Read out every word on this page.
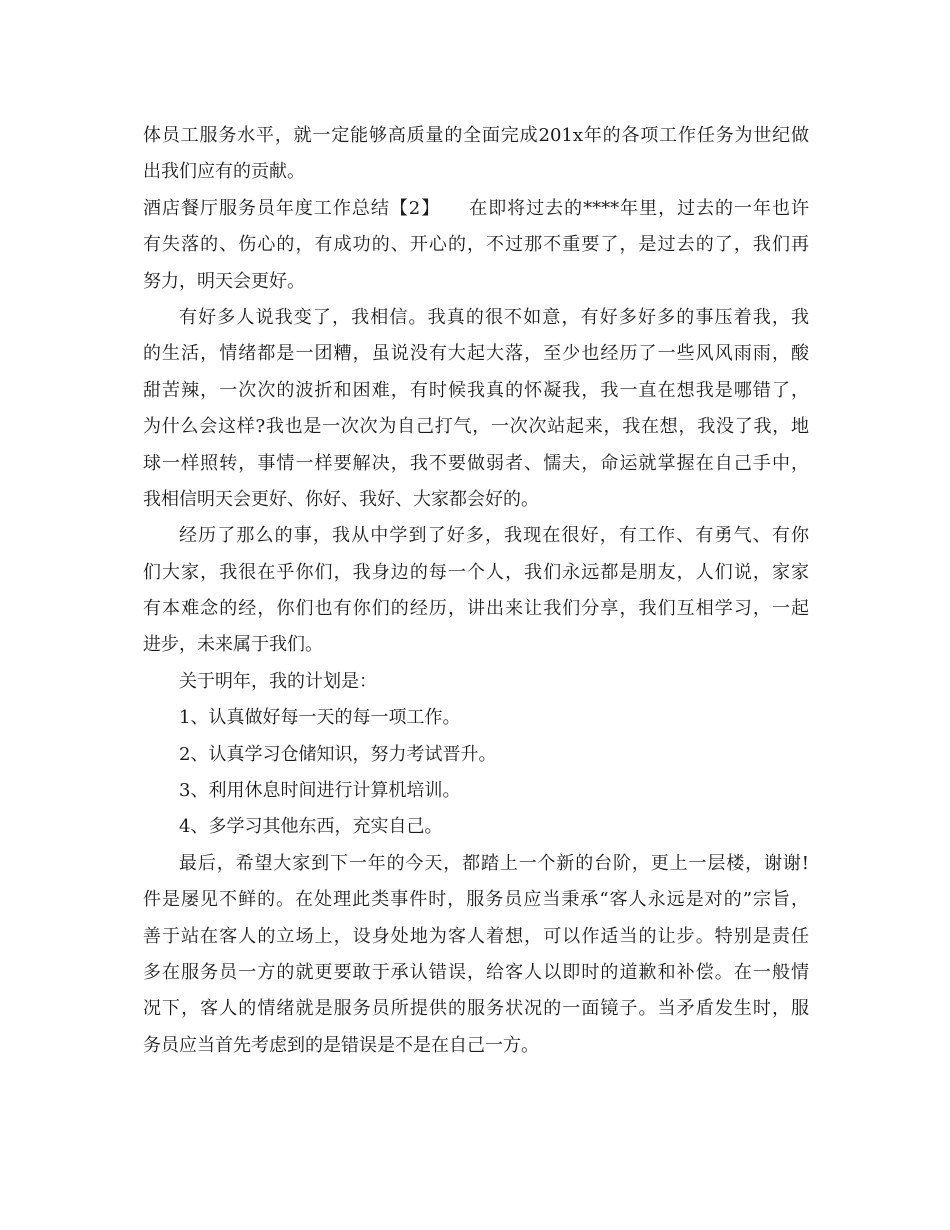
体员工服务水平，就一定能够高质量的全面完成201x年的各项工作任务为世纪做
出我们应有的贡献。
酒店餐厅服务员年度工作总结【2】　　在即将过去的****年里，过去的一年也许
有失落的、伤心的，有成功的、开心的，不过那不重要了，是过去的了，我们再
努力，明天会更好。
有好多人说我变了，我相信。我真的很不如意，有好多好多的事压着我，我
的生活，情绪都是一团糟，虽说没有大起大落，至少也经历了一些风风雨雨，酸
甜苦辣，一次次的波折和困难，有时候我真的怀凝我，我一直在想我是哪错了，
为什么会这样?我也是一次次为自己打气，一次次站起来，我在想，我没了我，地
球一样照转，事情一样要解决，我不要做弱者、懦夫，命运就掌握在自己手中，
我相信明天会更好、你好、我好、大家都会好的。
经历了那么的事，我从中学到了好多，我现在很好，有工作、有勇气、有你
们大家，我很在乎你们，我身边的每一个人，我们永远都是朋友，人们说，家家
有本难念的经，你们也有你们的经历，讲出来让我们分享，我们互相学习，一起
进步，未来属于我们。
关于明年，我的计划是：
1、认真做好每一天的每一项工作。
2、认真学习仓储知识，努力考试晋升。
3、利用休息时间进行计算机培训。
4、多学习其他东西，充实自己。
最后，希望大家到下一年的今天，都踏上一个新的台阶，更上一层楼，谢谢!
件是屡见不鲜的。在处理此类事件时，服务员应当秉承“客人永远是对的”宗旨，
善于站在客人的立场上，设身处地为客人着想，可以作适当的让步。特别是责任
多在服务员一方的就更要敢于承认错误，给客人以即时的道歉和补偿。在一般情
况下，客人的情绪就是服务员所提供的服务状况的一面镜子。当矛盾发生时，服
务员应当首先考虑到的是错误是不是在自己一方。
